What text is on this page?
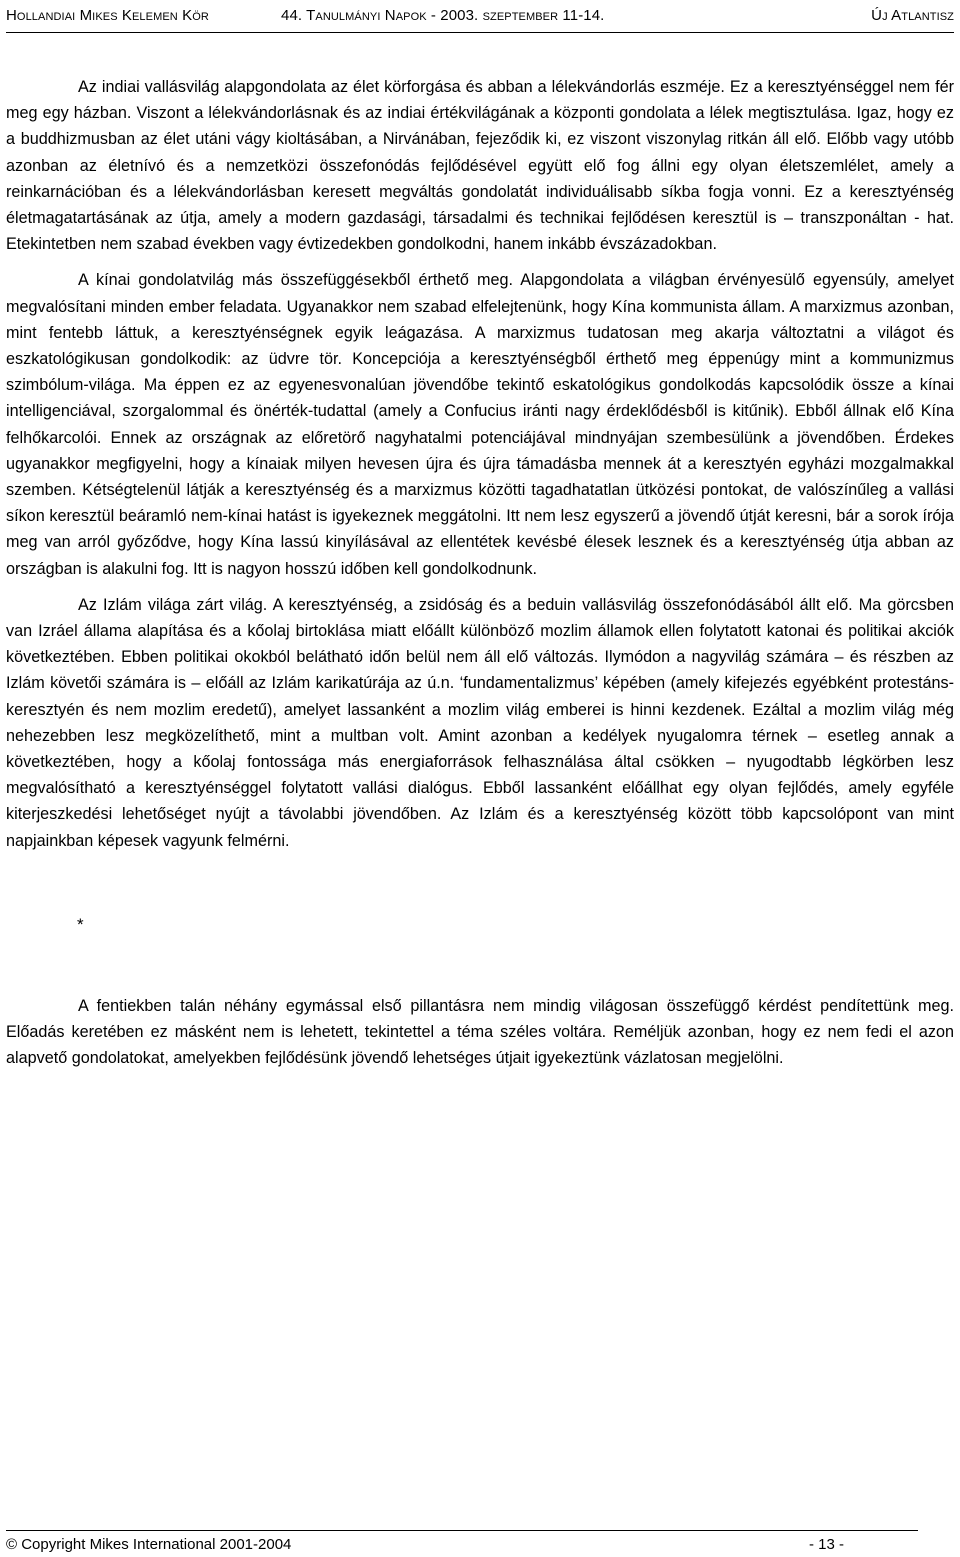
Hollandiai Mikes Kelemen Kör	44. Tanulmányi Napok - 2003. szeptember 11-14.	Új Atlantisz

Az indiai vallásvilág alapgondolata az élet körforgása és abban a lélekvándorlás eszméje. Ez a keresztyénséggel nem fér meg egy házban. Viszont a lélekvándorlásnak és az indiai értékvilágának a központi gondolata a lélek megtisztulása. Igaz, hogy ez a buddhizmusban az élet utáni vágy kioltásában, a Nirvánában, fejeződik ki, ez viszont viszonylag ritkán áll elő. Előbb vagy utóbb azonban az életnívó és a nemzetközi összefonódás fejlődésével együtt elő fog állni egy olyan életszemlélet, amely a reinkarnációban és a lélekvándorlásban keresett megváltás gondolatát individuálisabb síkba fogja vonni. Ez a keresztyénség életmagatartásának az útja, amely a modern gazdasági, társadalmi és technikai fejlődésen keresztül is – transzponáltan - hat. Etekintetben nem szabad években vagy évtizedekben gondolkodni, hanem inkább évszázadokban.

A kínai gondolatvilág más összefüggésekből érthető meg. Alapgondolata a világban érvényesülő egyensúly, amelyet megvalósítani minden ember feladata. Ugyanakkor nem szabad elfelejtenünk, hogy Kína kommunista állam. A marxizmus azonban, mint fentebb láttuk, a keresztyénségnek egyik leágazása. A marxizmus tudatosan meg akarja változtatni a világot és eszkatológikusan gondolkodik: az üdvre tör. Koncepciója a keresztyénségből érthető meg éppenúgy mint a kommunizmus szimbólum-világa. Ma éppen ez az egyenesvonalúan jövendőbe tekintő eskatológikus gondolkodás kapcsolódik össze a kínai intelligenciával, szorgalommal és önérték-tudattal (amely a Confucius iránti nagy érdeklődésből is kitűnik). Ebből állnak elő Kína felhőkarcolói. Ennek az országnak az előretörő nagyhatalmi potenciájával mindnyájan szembesülünk a jövendőben. Érdekes ugyanakkor megfigyelni, hogy a kínaiak milyen hevesen újra és újra támadásba mennek át a keresztyén egyházi mozgalmakkal szemben. Kétségtelenül látják a keresztyénség és a marxizmus közötti tagadhatatlan ütközési pontokat, de valószínűleg a vallási síkon keresztül beáramló nem-kínai hatást is igyekeznek meggátolni. Itt nem lesz egyszerű a jövendő útját keresni, bár a sorok írója meg van arról győződve, hogy Kína lassú kinyílásával az ellentétek kevésbé élesek lesznek és a keresztyénség útja abban az országban is alakulni fog. Itt is nagyon hosszú időben kell gondolkodnunk.

Az Izlám világa zárt világ. A keresztyénség, a zsidóság és a beduin vallásvilág összefonódásából állt elő. Ma görcsben van Izráel állama alapítása és a kőolaj birtoklása miatt előállt különböző mozlim államok ellen folytatott katonai és politikai akciók következtében. Ebben politikai okokból belátható időn belül nem áll elő változás. Ilymódon a nagyvilág számára – és részben az Izlám követői számára is – előáll az Izlám karikatúrája az ú.n. ‘fundamentalizmus’ képében (amely kifejezés egyébként protestáns-keresztyén és nem mozlim eredetű), amelyet lassanként a mozlim világ emberei is hinni kezdenek. Ezáltal a mozlim világ még nehezebben lesz megközelíthető, mint a multban volt. Amint azonban a kedélyek nyugalomra térnek – esetleg annak a következtében, hogy a kőolaj fontossága más energiaforrások felhasználása által csökken – nyugodtabb légkörben lesz megvalósítható a keresztyénséggel folytatott vallási dialógus. Ebből lassanként előállhat egy olyan fejlődés, amely egyféle kiterjeszkedési lehetőséget nyújt a távolabbi jövendőben. Az Izlám és a keresztyénség között több kapcsolópont van mint napjainkban képesek vagyunk felmérni.

*

A fentiekben talán néhány egymással első pillantásra nem mindig világosan összefüggő kérdést pendítettünk meg. Előadás keretében ez másként nem is lehetett, tekintettel a téma széles voltára. Reméljük azonban, hogy ez nem fedi el azon alapvető gondolatokat, amelyekben fejlődésünk jövendő lehetséges útjait igyekeztünk vázlatosan megjelölni.

© Copyright Mikes International 2001-2004	- 13 -
